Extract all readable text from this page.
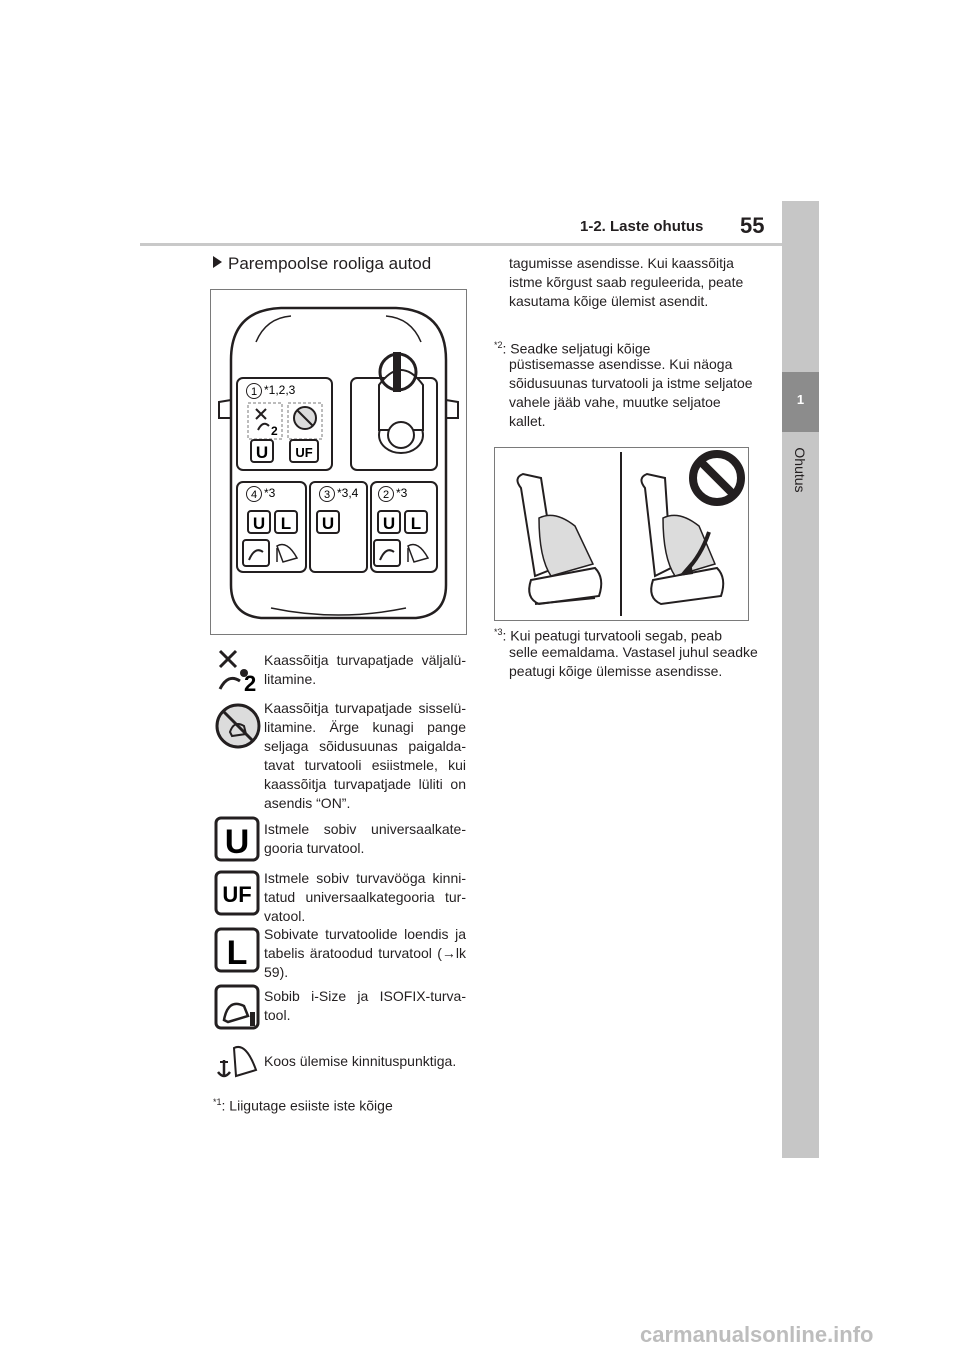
1-2. Laste ohutus 55
1
Ohutus
Parempoolse rooliga autod
1 *1,2,3
2
U UF
4 *3
U L
3 *3,4
U
2 *3
U L
2
U
UF
L
Kaassõitja turvapatjade väljalü-litamine.
Kaassõitja turvapatjade sisselü-litamine. Ärge kunagi pange seljaga sõidusuunas paigalda-tavat turvatooli esiistmele, kui kaassõitja turvapatjade lüliti on asendis “ON”.
Istmele sobiv universaalkate-gooria turvatool.
Istmele sobiv turvavööga kinni-tatud universaalkategooria tur-vatool.
Sobivate turvatoolide loendis ja tabelis äratoodud turvatool (→lk 59).
Sobib i-Size ja ISOFIX-turva-tool.
Koos ülemise kinnituspunktiga.
$^{*1}$: Liigutage esiiste iste kõige
tagumisse asendisse. Kui kaassõitja istme kõrgust saab reguleerida, peate kasutama kõige ülemist asendit.
$^{*2}$: Seadke seljatugi kõige
püstisemasse asendisse. Kui näoga sõidusuunas turvatooli ja istme seljatoe vahele jääb vahe, muutke seljatoe kallet.
$^{*3}$: Kui peatugi turvatooli segab, peab
selle eemaldama. Vastasel juhul seadke peatugi kõige ülemisse asendisse.
carmanualsonline.info
